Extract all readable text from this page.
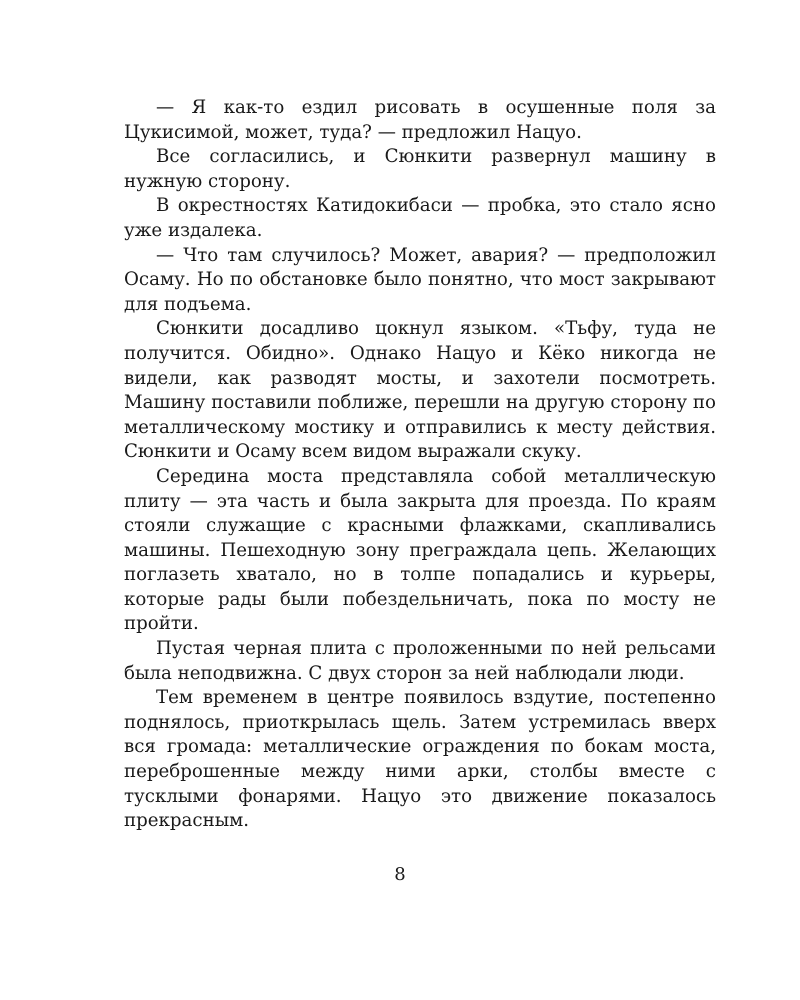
— Я как-то ездил рисовать в осушенные поля за Цукисимой, может, туда? — предложил Нацуо.

Все согласились, и Сюнкити развернул машину в нужную сторону.

В окрестностях Катидокибаси — пробка, это стало ясно уже издалека.

— Что там случилось? Может, авария? — предположил Осаму. Но по обстановке было понятно, что мост закрывают для подъема.

Сюнкити досадливо цокнул языком. «Тьфу, туда не получится. Обидно». Однако Нацуо и Кёко никогда не видели, как разводят мосты, и захотели посмотреть. Машину поставили поближе, перешли на другую сторону по металлическому мостику и отправились к месту действия. Сюнкити и Осаму всем видом выражали скуку.

Середина моста представляла собой металлическую плиту — эта часть и была закрыта для проезда. По краям стояли служащие с красными флажками, скапливались машины. Пешеходную зону преграждала цепь. Желающих поглазеть хватало, но в толпе попадались и курьеры, которые рады были побездельничать, пока по мосту не пройти.

Пустая черная плита с проложенными по ней рельсами была неподвижна. С двух сторон за ней наблюдали люди.

Тем временем в центре появилось вздутие, постепенно поднялось, приоткрылась щель. Затем устремилась вверх вся громада: металлические ограждения по бокам моста, переброшенные между ними арки, столбы вместе с тусклыми фонарями. Нацуо это движение показалось прекрасным.

8
